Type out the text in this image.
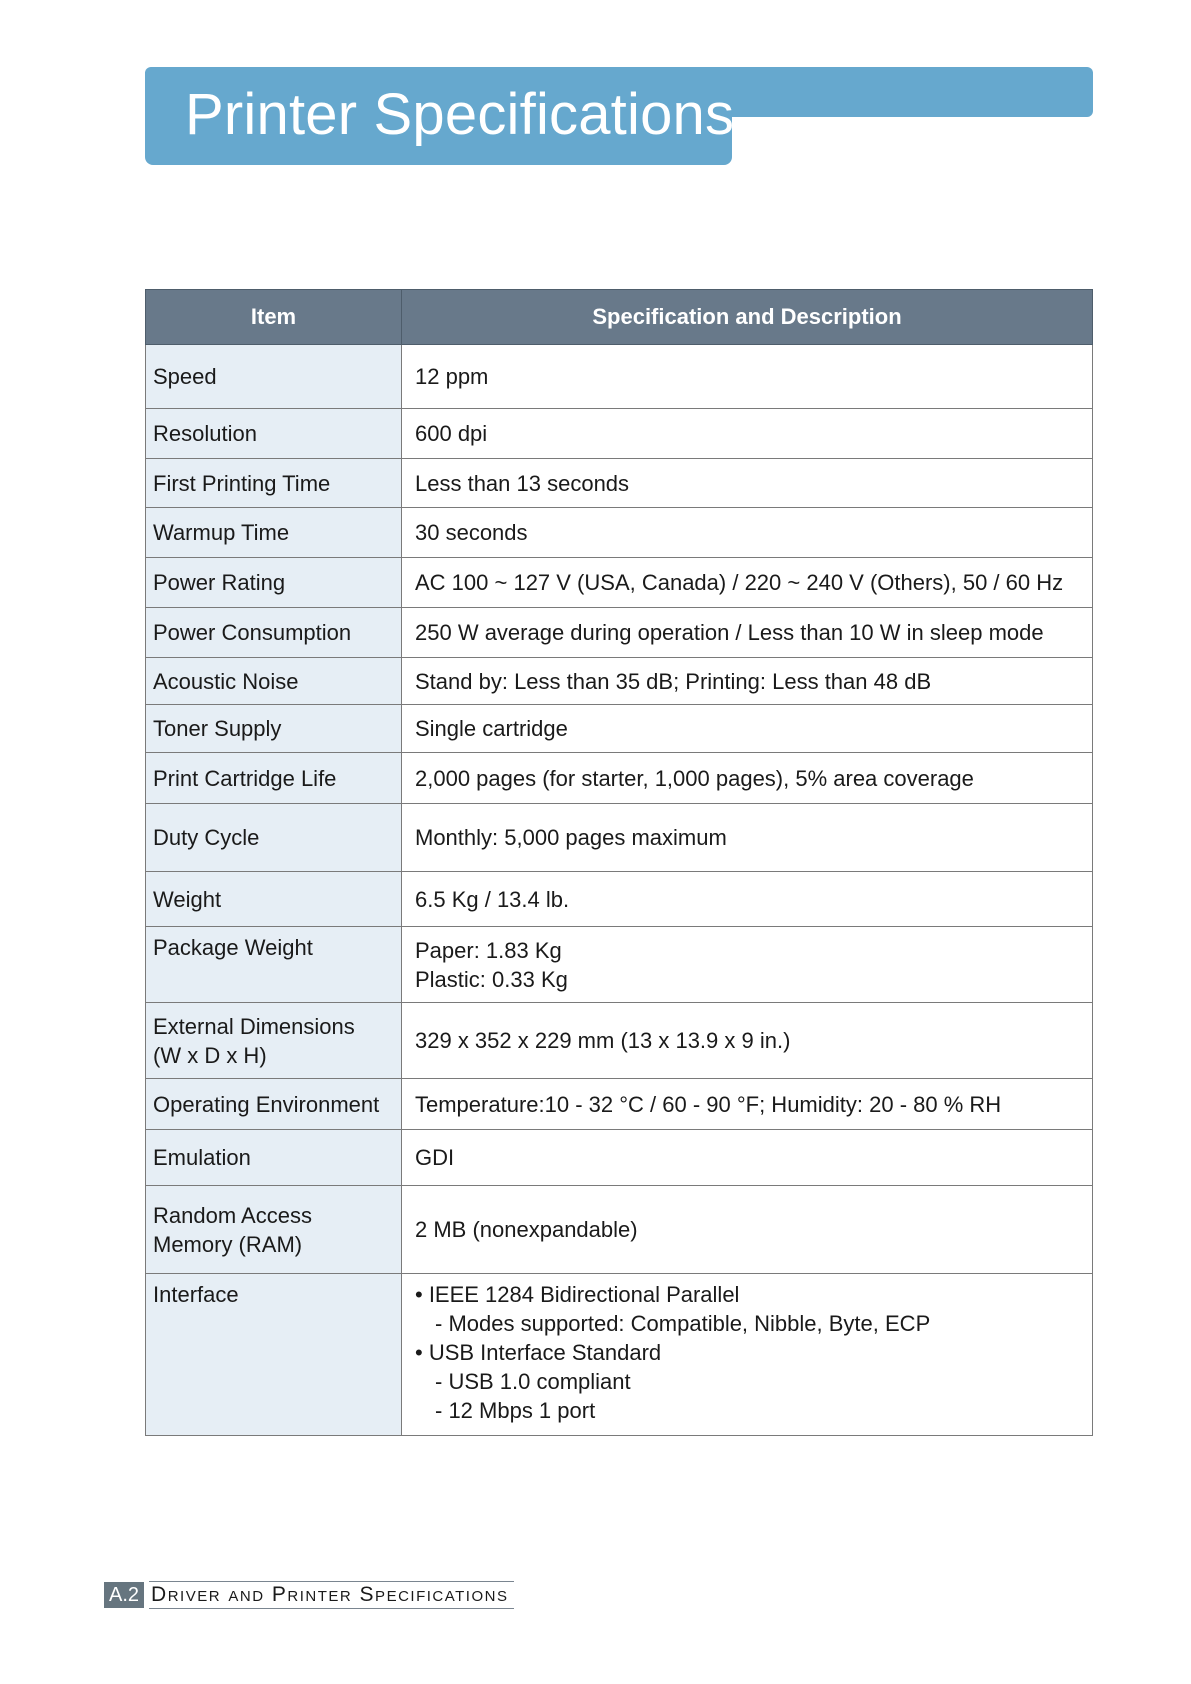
Printer Specifications
Item	Specification and Description
Speed	12 ppm
Resolution	600 dpi
First Printing Time	Less than 13 seconds
Warmup Time	30 seconds
Power Rating	AC 100 ~ 127 V (USA, Canada) / 220 ~ 240 V (Others), 50 / 60 Hz
Power Consumption	250 W average during operation / Less than 10 W in sleep mode
Acoustic Noise	Stand by: Less than 35 dB; Printing: Less than 48 dB
Toner Supply	Single cartridge
Print Cartridge Life	2,000 pages (for starter, 1,000 pages), 5% area coverage
Duty Cycle	Monthly: 5,000 pages maximum
Weight	6.5 Kg / 13.4 lb.
Package Weight	Paper: 1.83 Kg
Plastic: 0.33 Kg

External Dimensions
(W x D x H)	329 x 352 x 229 mm (13 x 13.9 x 9 in.)
Operating Environment	Temperature:10 - 32 °C / 60 - 90 °F; Humidity: 20 - 80 % RH
Emulation	GDI

Random Access
Memory (RAM)	2 MB (nonexpandable)
Interface	• IEEE 1284 Bidirectional Parallel
- Modes supported: Compatible, Nibble, Byte, ECP
• USB Interface Standard
- USB 1.0 compliant
- 12 Mbps 1 port
A.2 Driver and Printer Specifications
